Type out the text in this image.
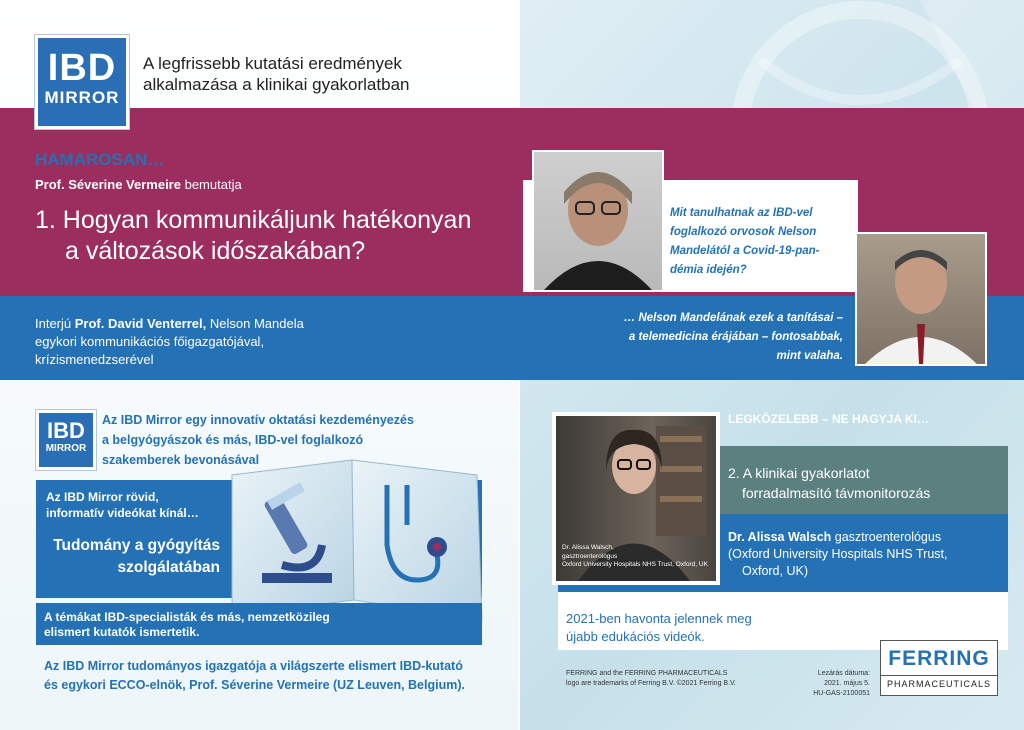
IBD
MIRROR
A legfrissebb kutatási eredmények
alkalmazása a klinikai gyakorlatban
HAMAROSAN…
Prof. Séverine Vermeire bemutatja
1. Hogyan kommunikáljunk hatékonyan
a változások időszakában?
Interjú Prof. David Venterrel, Nelson Mandela
egykori kommunikációs főigazgatójával,
krízismenedzserével
Mit tanulhatnak az IBD-vel
foglalkozó orvosok Nelson
Mandelától a Covid-19-pan-
démia idején?
… Nelson Mandelának ezek a tanításai –
a telemedicina érájában – fontosabbak,
mint valaha.
IBD
MIRROR
Az IBD Mirror egy innovatív oktatási kezdeményezés
a belgyógyászok és más, IBD-vel foglalkozó
szakemberek bevonásával
Az IBD Mirror rövid,
informatív videókat kínál…
Tudomány a gyógyítás
szolgálatában
A témákat IBD-specialisták és más, nemzetközileg
elismert kutatók ismertetik.
Az IBD Mirror tudományos igazgatója a világszerte elismert IBD-kutató
és egykori ECCO-elnök, Prof. Séverine Vermeire (UZ Leuven, Belgium).
LEGKÖZELEBB – NE HAGYJA KI…
2. A klinikai gyakorlatot
forradalmasító távmonitorozás
Dr. Alissa Walsch gasztroenterológus
(Oxford University Hospitals NHS Trust,
Oxford, UK)
Dr. Alissa Walsch,
gasztroenterológus
Oxford University Hospitals NHS Trust, Oxford, UK
2021-ben havonta jelennek meg
újabb edukációs videók.
FERRING and the FERRING PHARMACEUTICALS
logo are trademarks of Ferring B.V. ©2021 Ferring B.V.
Lezárás dátuma:
2021. május 5.
HU-GAS-2100051
FERRING
PHARMACEUTICALS
